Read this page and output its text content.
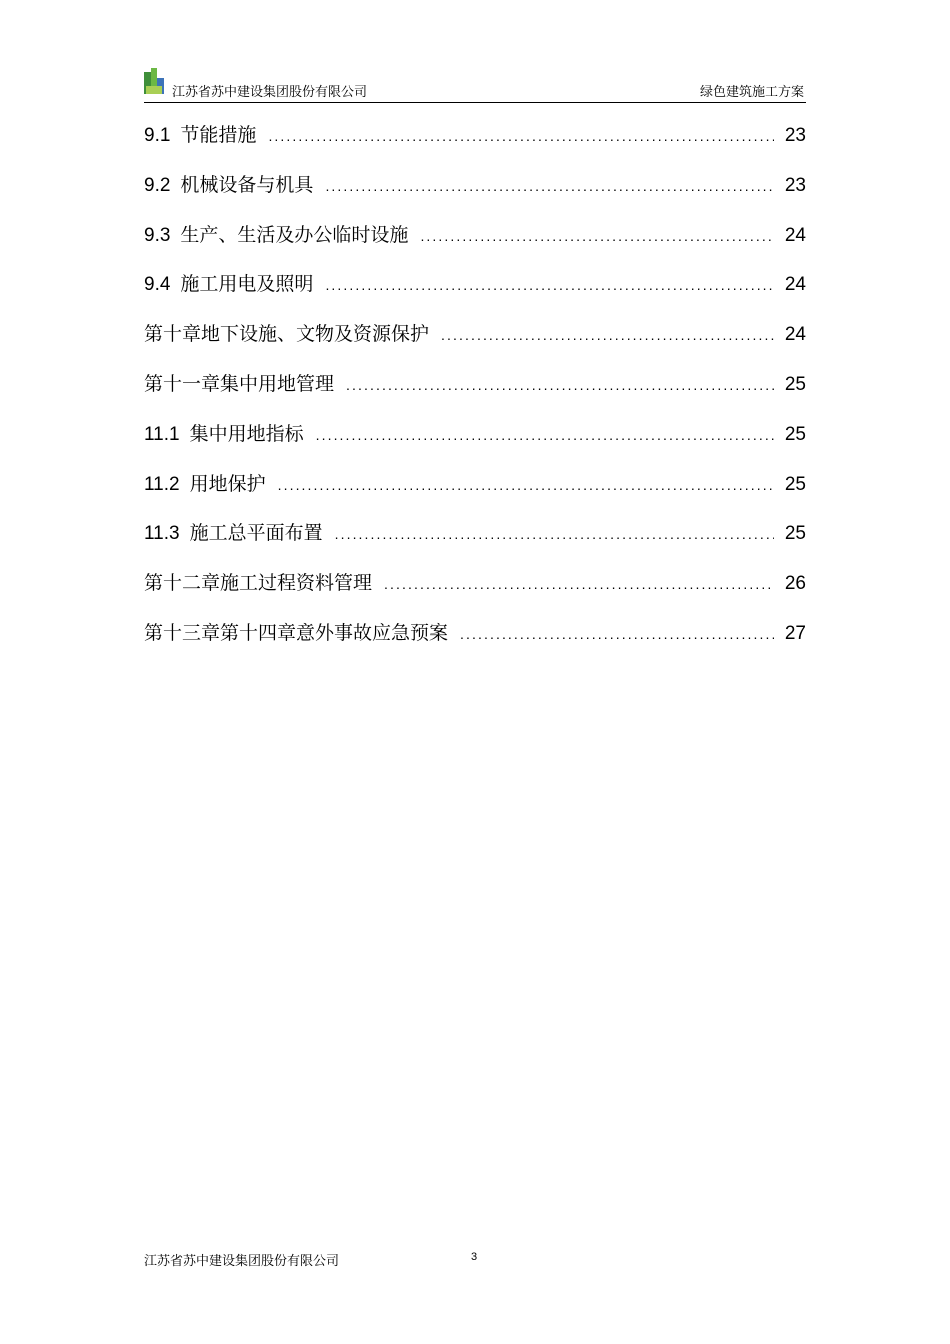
江苏省苏中建设集团股份有限公司	绿色建筑施工方案
9.1 节能措施 .....	23
9.2 机械设备与机具 .....	23
9.3 生产、生活及办公临时设施 .....	24
9.4 施工用电及照明 .....	24
第十章地下设施、文物及资源保护 .....	24
第十一章集中用地管理 .....	25
11.1 集中用地指标 .....	25
11.2 用地保护 .....	25
11.3 施工总平面布置 .....	25
第十二章施工过程资料管理 .....	26
第十三章第十四章意外事故应急预案 .....	27
江苏省苏中建设集团股份有限公司	3
